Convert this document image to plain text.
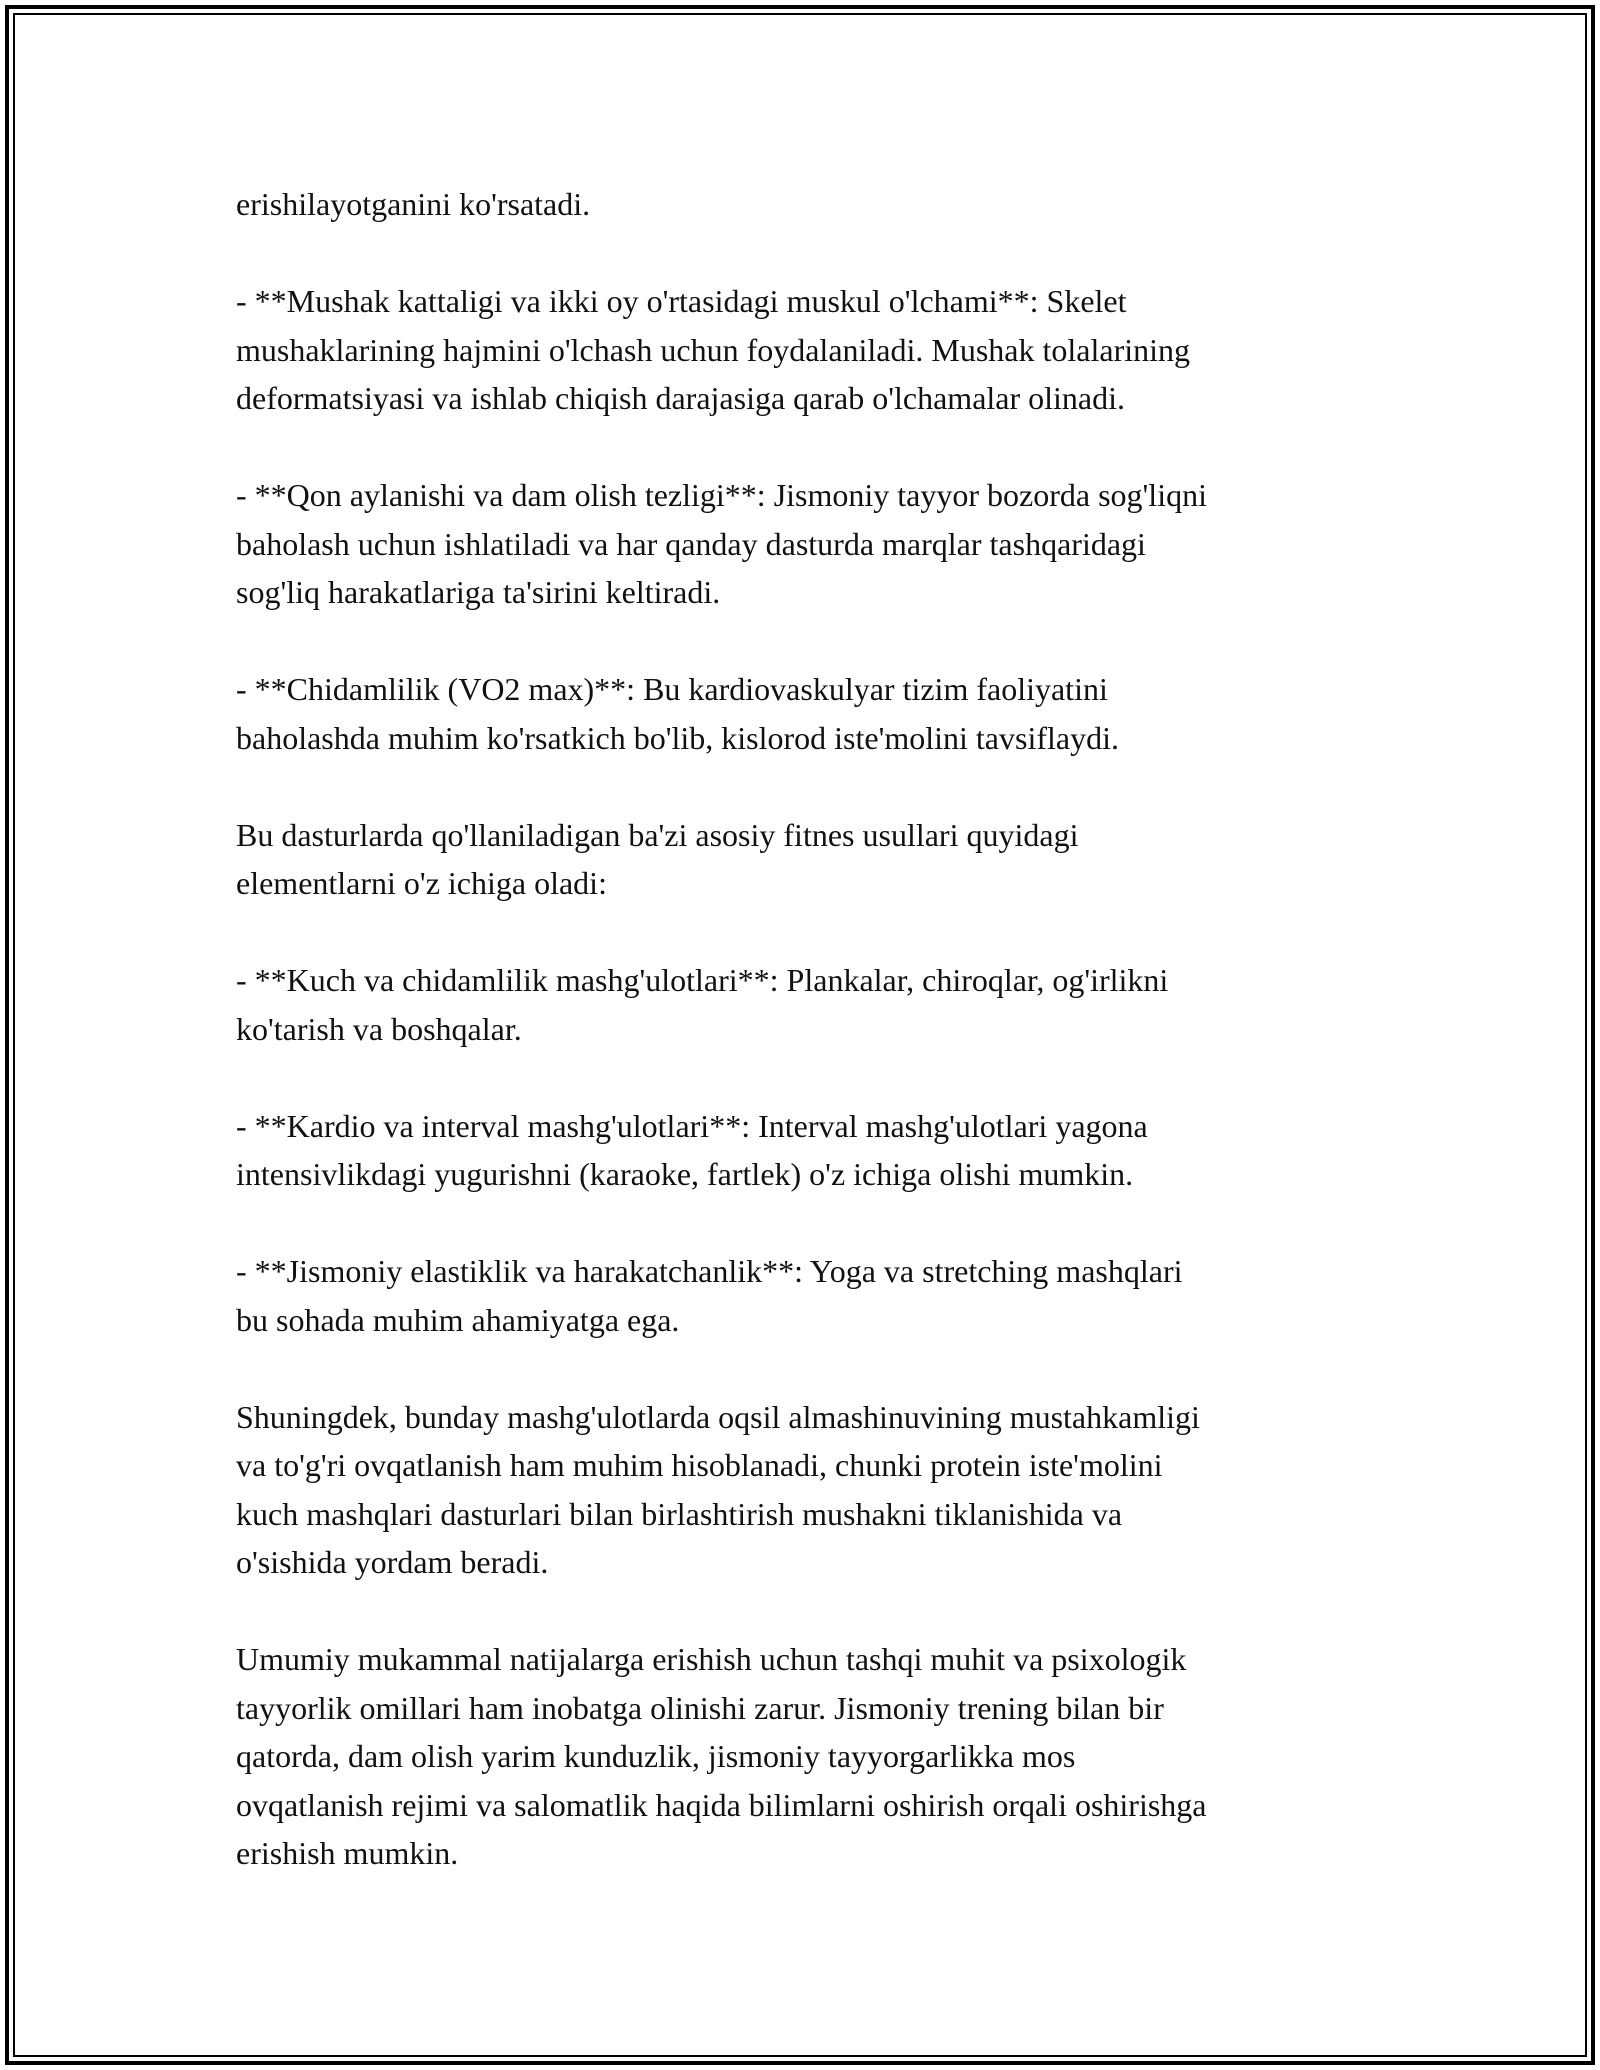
erishilayotganini ko'rsatadi.

- **Mushak kattaligi va ikki oy o'rtasidagi muskul o'lchami**: Skelet
mushaklarining hajmini o'lchash uchun foydalaniladi. Mushak tolalarining
deformatsiyasi va ishlab chiqish darajasiga qarab o'lchamalar olinadi.

- **Qon aylanishi va dam olish tezligi**: Jismoniy tayyor bozorda sog'liqni
baholash uchun ishlatiladi va har qanday dasturda marqlar tashqaridagi
sog'liq harakatlariga ta'sirini keltiradi.

- **Chidamlilik (VO2 max)**: Bu kardiovaskulyar tizim faoliyatini
baholashda muhim ko'rsatkich bo'lib, kislorod iste'molini tavsiflaydi.

Bu dasturlarda qo'llaniladigan ba'zi asosiy fitnes usullari quyidagi
elementlarni o'z ichiga oladi:

- **Kuch va chidamlilik mashg'ulotlari**: Plankalar, chiroqlar, og'irlikni
ko'tarish va boshqalar.

- **Kardio va interval mashg'ulotlari**: Interval mashg'ulotlari yagona
intensivlikdagi yugurishni (karaoke, fartlek) o'z ichiga olishi mumkin.

- **Jismoniy elastiklik va harakatchanlik**: Yoga va stretching mashqlari
bu sohada muhim ahamiyatga ega.

Shuningdek, bunday mashg'ulotlarda oqsil almashinuvining mustahkamligi
va to'g'ri ovqatlanish ham muhim hisoblanadi, chunki protein iste'molini
kuch mashqlari dasturlari bilan birlashtirish mushakni tiklanishida va
o'sishida yordam beradi.

Umumiy mukammal natijalarga erishish uchun tashqi muhit va psixologik
tayyorlik omillari ham inobatga olinishi zarur. Jismoniy trening bilan bir
qatorda, dam olish yarim kunduzlik, jismoniy tayyorgarlikka mos
ovqatlanish rejimi va salomatlik haqida bilimlarni oshirish orqali oshirishga
erishish mumkin.
